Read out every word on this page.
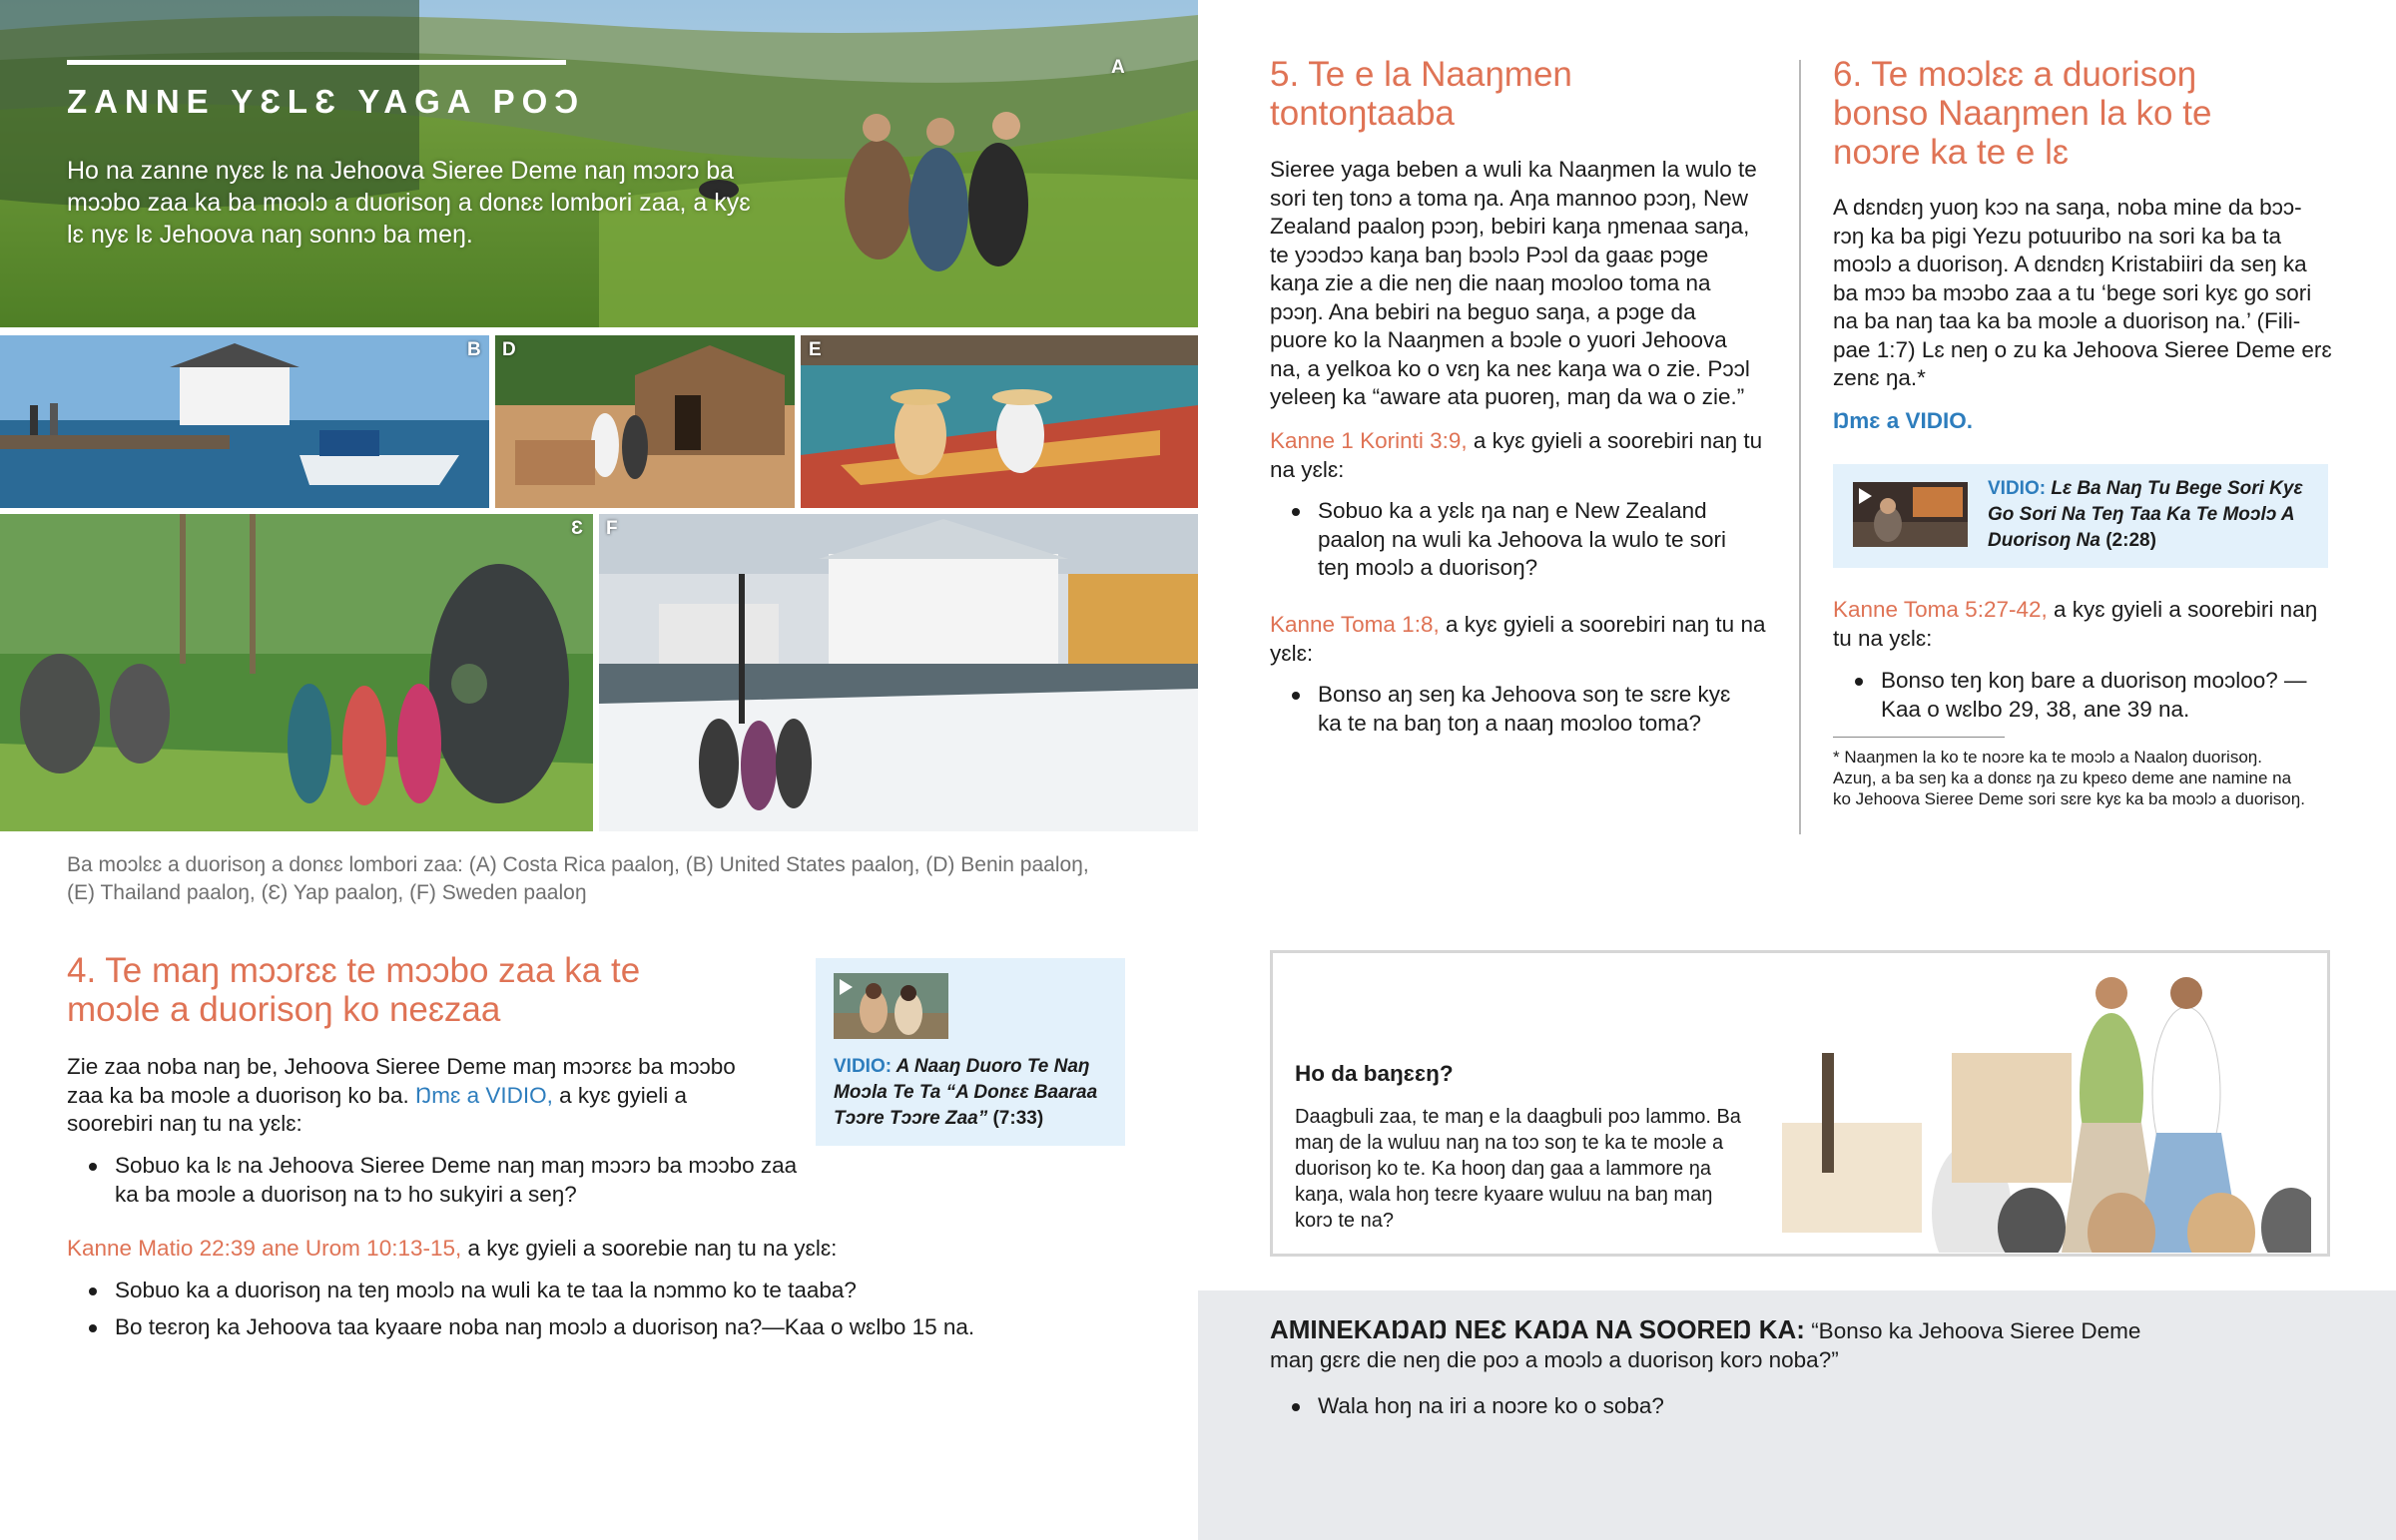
ZANNE YƐLƐ YAGA POƆ
Ho na zanne nyɛɛ lɛ na Jehoova Sieree Deme naŋ mɔɔrɔ ba mɔɔbo zaa ka ba moɔlɔ a duorisoŋ a donɛɛ lombori zaa, a kyɛ lɛ nyɛ lɛ Jehoova naŋ sonnɔ ba meŋ.
A
B D	E
Ɛ F
Ba moɔlɛɛ a duorisoŋ a donɛɛ lombori zaa: (A) Costa Rica paaloŋ, (B) United States paaloŋ, (D) Benin paaloŋ, (E) Thailand paaloŋ, (Ɛ) Yap paaloŋ, (F) Sweden paaloŋ
4. Te maŋ mɔɔrɛɛ te mɔɔbo zaa ka te moɔle a duorisoŋ ko neɛzaa
Zie zaa noba naŋ be, Jehoova Sieree Deme maŋ mɔɔrɛɛ ba mɔɔbo zaa ka ba moɔle a duorisoŋ ko ba. Ŋmɛ a VIDIO, a kyɛ gyieli a soorebiri naŋ tu na yɛlɛ:
Sobuo ka lɛ na Jehoova Sieree Deme naŋ maŋ mɔɔrɔ ba mɔɔbo zaa ka ba moɔle a duorisoŋ na tɔ ho sukyiri a seŋ?
Kanne Matio 22:39 ane Urom 10:13-15, a kyɛ gyieli a soorebie naŋ tu na yɛlɛ:
Sobuo ka a duorisoŋ na teŋ moɔlɔ na wuli ka te taa la nɔmmo ko te taaba?
Bo teɛroŋ ka Jehoova taa kyaare noba naŋ moɔlɔ a duorisoŋ na?—Kaa o wɛlbo 15 na.
VIDIO: A Naaŋ Duoro Te Naŋ Moɔla Te Ta “A Donɛɛ Baaraa Tɔɔre Tɔɔre Zaa” (7:33)
5. Te e la Naaŋmen tontoŋtaaba
Sieree yaga beben a wuli ka Naaŋmen la wulo te sori teŋ tonɔ a toma ŋa. Aŋa mannoo pɔɔŋ, New Zealand paaloŋ pɔɔŋ, bebiri kaŋa ŋmenaa saŋa, te yɔɔdɔɔ kaŋa baŋ bɔɔlɔ Pɔɔl da gaaɛ pɔge kaŋa zie a die neŋ die naaŋ moɔloo toma na pɔɔŋ. Ana bebiri na beguo saŋa, a pɔge da puore ko la Naaŋmen a bɔɔle o yuori Jehoova na, a yelkoa ko o vɛŋ ka neɛ kaŋa wa o zie. Pɔɔl yeleeŋ ka “aware ata puoreŋ, maŋ da wa o zie.”
Kanne 1 Korinti 3:9, a kyɛ gyieli a soorebiri naŋ tu na yɛlɛ:
Sobuo ka a yɛlɛ ŋa naŋ e New Zealand paaloŋ na wuli ka Jehoova la wulo te sori teŋ moɔlɔ a duorisoŋ?
Kanne Toma 1:8, a kyɛ gyieli a soorebiri naŋ tu na yɛlɛ:
Bonso aŋ seŋ ka Jehoova soŋ te sɛre kyɛ ka te na baŋ toŋ a naaŋ moɔloo toma?
6. Te moɔlɛɛ a duorisoŋ bonso Naaŋmen la ko te noɔre ka te e lɛ
A dɛndɛŋ yuoŋ kɔɔ na saŋa, noba mine da bɔɔ-rɔŋ ka ba pigi Yezu potuuribo na sori ka ba ta moɔlɔ a duorisoŋ. A dɛndɛŋ Kristabiiri da seŋ ka ba mɔɔ ba mɔɔbo zaa a tu ‘bege sori kyɛ go sori na ba naŋ taa ka ba moɔle a duorisoŋ na.’ (Fili-pae 1:7) Lɛ neŋ o zu ka Jehoova Sieree Deme erɛ zenɛ ŋa.*
Ŋmɛ a VIDIO.
VIDIO: Lɛ Ba Naŋ Tu Bege Sori Kyɛ Go Sori Na Teŋ Taa Ka Te Moɔlɔ A Duorisoŋ Na (2:28)
Kanne Toma 5:27-42, a kyɛ gyieli a soorebiri naŋ tu na yɛlɛ:
Bonso teŋ koŋ bare a duorisoŋ moɔloo? —Kaa o wɛlbo 29, 38, ane 39 na.
* Naaŋmen la ko te noɔre ka te moɔlɔ a Naaloŋ duorisoŋ. Azuŋ, a ba seŋ ka a donɛɛ ŋa zu kpeɛo deme ane namine na ko Jehoova Sieree Deme sori sɛre kyɛ ka ba moɔlɔ a duorisoŋ.
Ho da baŋɛɛŋ?
Daagbuli zaa, te maŋ e la daagbuli poɔ lammo. Ba maŋ de la wuluu naŋ na toɔ soŋ te ka te moɔle a duorisoŋ ko te. Ka hooŋ daŋ gaa a lammore ŋa kaŋa, wala hoŋ teɛre kyaare wuluu na baŋ maŋ korɔ te na?
AMINEKAŊAŊ NEƐ KAŊA NA SOOREŊ KA: “Bonso ka Jehoova Sieree Deme maŋ gɛrɛ die neŋ die poɔ a moɔlɔ a duorisoŋ korɔ noba?”
Wala hoŋ na iri a noɔre ko o soba?
